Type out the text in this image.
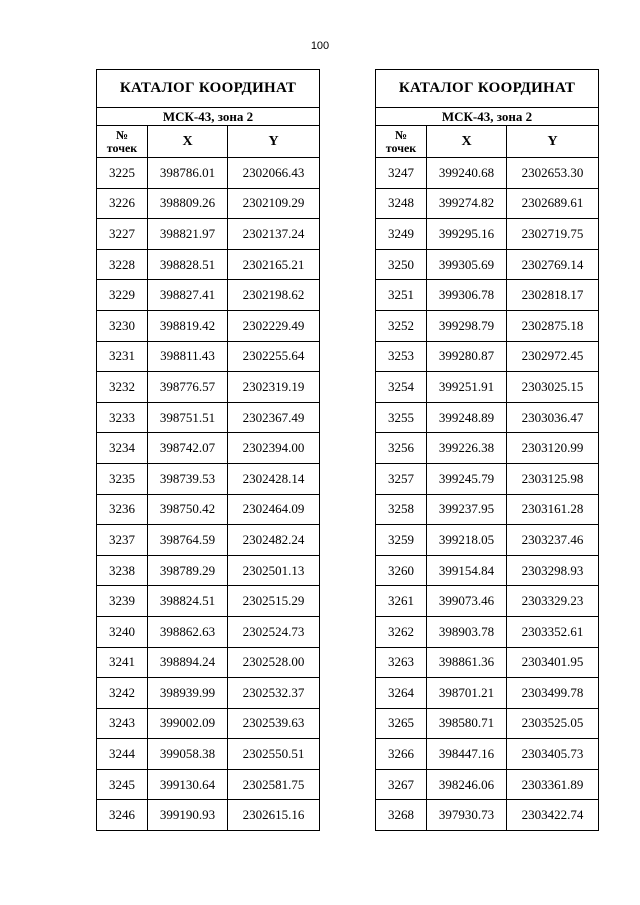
100
КАТАЛОГ КООРДИНАТ		
МСК-43, зона 2		

№
точек	X	Y
3225	398786.01	2302066.43
3226	398809.26	2302109.29
3227	398821.97	2302137.24
3228	398828.51	2302165.21
3229	398827.41	2302198.62
3230	398819.42	2302229.49
3231	398811.43	2302255.64
3232	398776.57	2302319.19
3233	398751.51	2302367.49
3234	398742.07	2302394.00
3235	398739.53	2302428.14
3236	398750.42	2302464.09
3237	398764.59	2302482.24
3238	398789.29	2302501.13
3239	398824.51	2302515.29
3240	398862.63	2302524.73
3241	398894.24	2302528.00
3242	398939.99	2302532.37
3243	399002.09	2302539.63
3244	399058.38	2302550.51
3245	399130.64	2302581.75
3246	399190.93	2302615.16
КАТАЛОГ КООРДИНАТ		
МСК-43, зона 2		

№
точек	X	Y
3247	399240.68	2302653.30
3248	399274.82	2302689.61
3249	399295.16	2302719.75
3250	399305.69	2302769.14
3251	399306.78	2302818.17
3252	399298.79	2302875.18
3253	399280.87	2302972.45
3254	399251.91	2303025.15
3255	399248.89	2303036.47
3256	399226.38	2303120.99
3257	399245.79	2303125.98
3258	399237.95	2303161.28
3259	399218.05	2303237.46
3260	399154.84	2303298.93
3261	399073.46	2303329.23
3262	398903.78	2303352.61
3263	398861.36	2303401.95
3264	398701.21	2303499.78
3265	398580.71	2303525.05
3266	398447.16	2303405.73
3267	398246.06	2303361.89
3268	397930.73	2303422.74
